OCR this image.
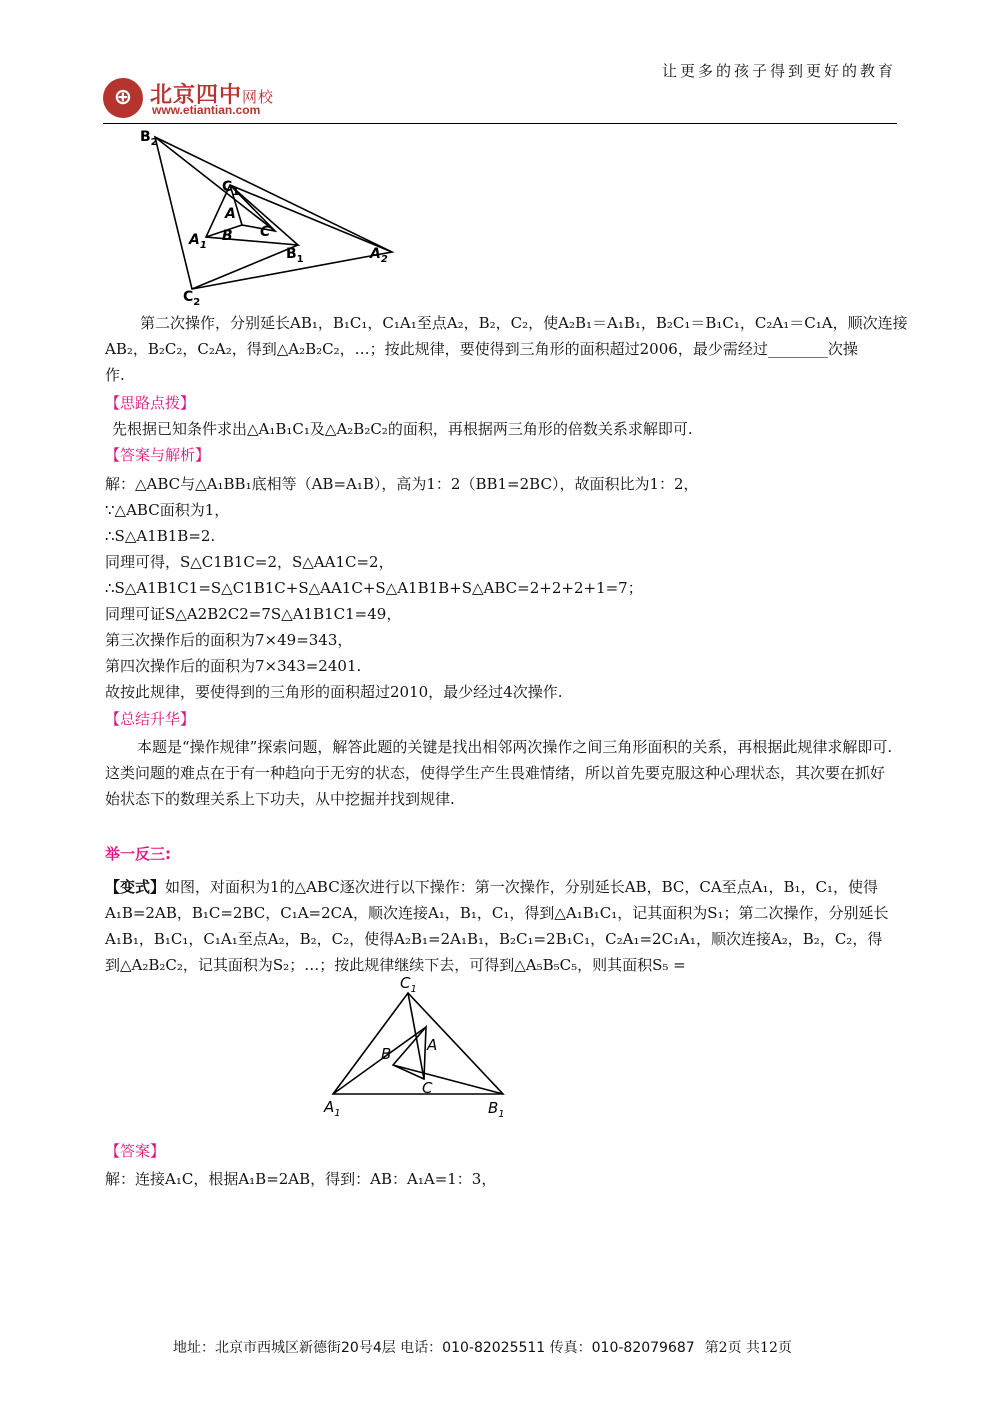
⊕ 北京四中网校
www.etiantian.com
让更多的孩子得到更好的教育
$B_2$
$C_1$
A
$A_1$
B C
$B_1$	$A_2$
$C_2$
第二次操作，分别延长AB₁，B₁C₁，C₁A₁至点A₂，B₂，C₂，使A₂B₁＝A₁B₁，B₂C₁＝B₁C₁，C₂A₁＝C₁A，顺次连接
AB₂，B₂C₂，C₂A₂，得到△A₂B₂C₂，…；按此规律，要使得到三角形的面积超过2006，最少需经过________次操
作.
【思路点拨】
先根据已知条件求出△A₁B₁C₁及△A₂B₂C₂的面积，再根据两三角形的倍数关系求解即可.
【答案与解析】
解：△ABC与△A₁BB₁底相等（AB=A₁B），高为1：2（BB1=2BC），故面积比为1：2，
∵△ABC面积为1，
∴S△A1B1B=2.
同理可得，S△C1B1C=2，S△AA1C=2，
∴S△A1B1C1=S△C1B1C+S△AA1C+S△A1B1B+S△ABC=2+2+2+1=7；
同理可证S△A2B2C2=7S△A1B1C1=49，
第三次操作后的面积为7×49=343，
第四次操作后的面积为7×343=2401.
故按此规律，要使得到的三角形的面积超过2010，最少经过4次操作.
【总结升华】
本题是“操作规律”探索问题，解答此题的关键是找出相邻两次操作之间三角形面积的关系，再根据此规律求解即可.这类问题的难点在于有一种趋向于无穷的状态，使得学生产生畏难情绪，所以首先要克服这种心理状态，其次要在抓好始状态下的数理关系上下功夫，从中挖掘并找到规律.
举一反三:
【变式】如图，对面积为1的△ABC逐次进行以下操作：第一次操作，分别延长AB，BC，CA至点A₁，B₁，C₁，使得A₁B=2AB，B₁C=2BC，C₁A=2CA，顺次连接A₁，B₁，C₁，得到△A₁B₁C₁，记其面积为S₁；第二次操作，分别延长A₁B₁，B₁C₁，C₁A₁至点A₂，B₂，C₂，使得A₂B₁=2A₁B₁，B₂C₁=2B₁C₁，C₂A₁=2C₁A₁，顺次连接A₂，B₂，C₂，得到△A₂B₂C₂，记其面积为S₂；…；按此规律继续下去，可得到△A₅B₅C₅，则其面积S₅ =
$C_1$
B A
C
$A_1$	$B_1$
【答案】
解：连接A₁C，根据A₁B=2AB，得到：AB：A₁A=1：3，
地址：北京市西城区新德街20号4层 电话：010-82025511 传真：010-82079687 第2页 共12页
